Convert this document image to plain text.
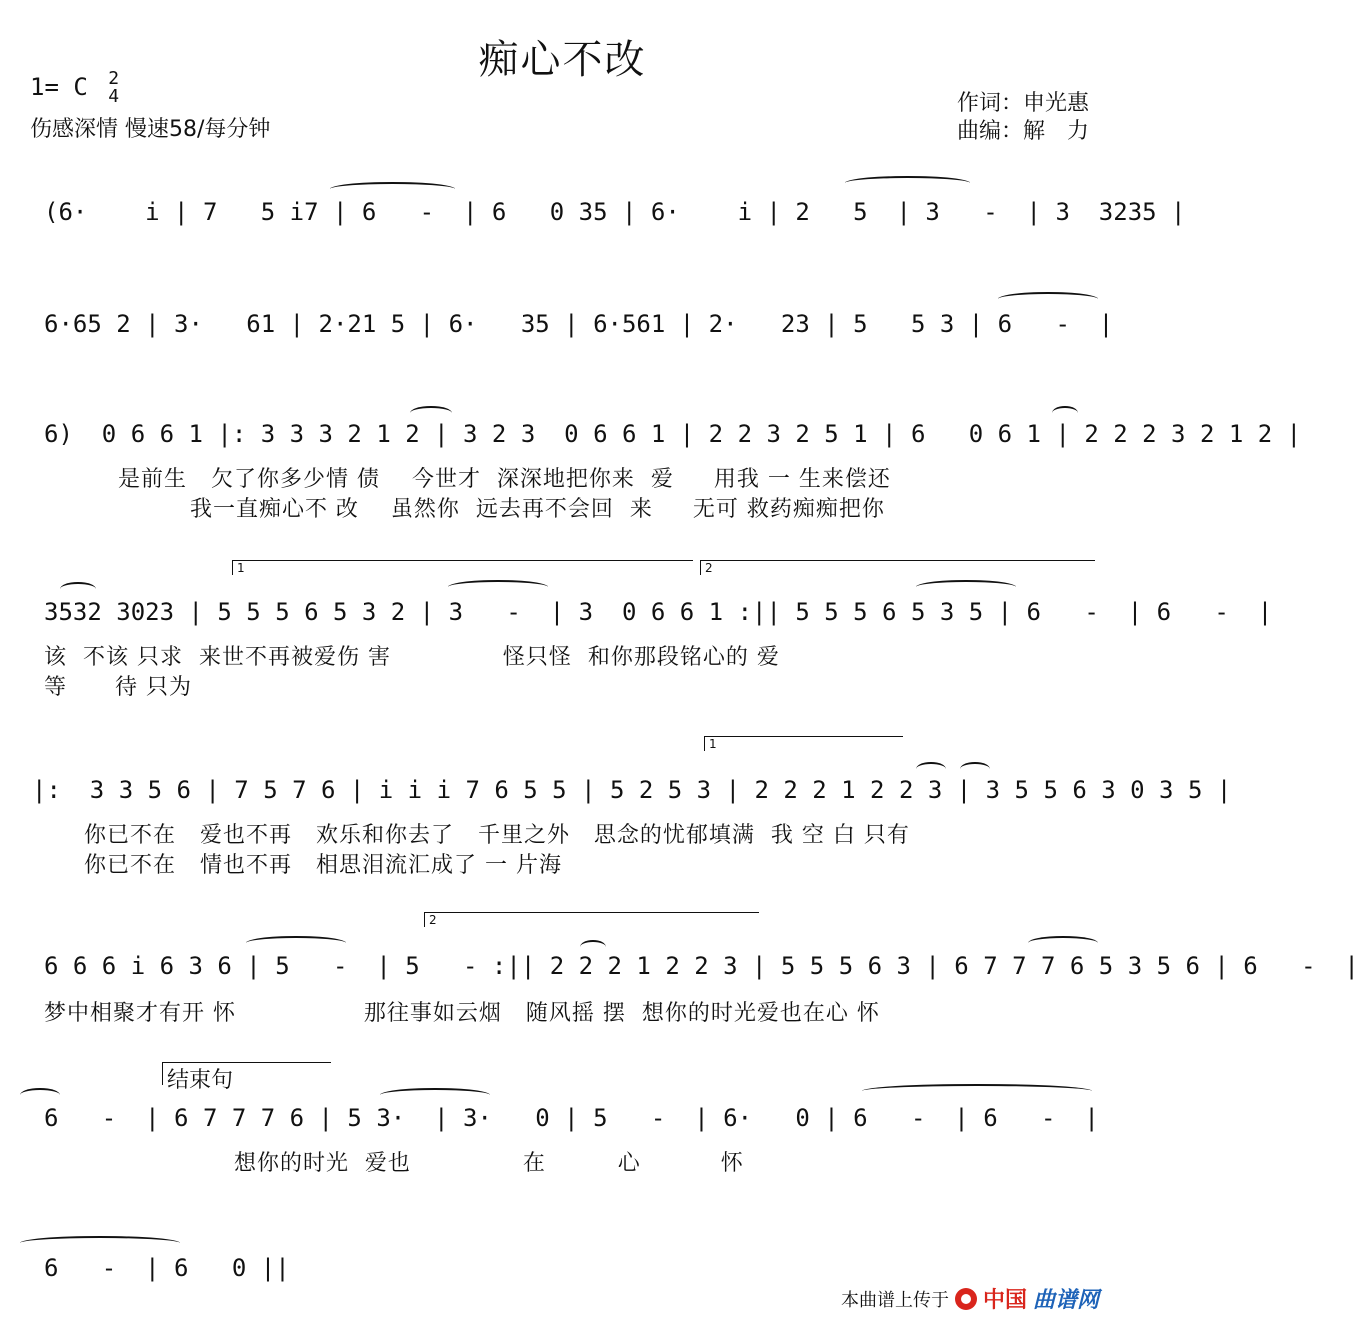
痴心不改
1= C 2
4
伤感深情 慢速58/每分钟
作词：申光惠
曲编：解　力
(6·    i | 7   5 i7 | 6   -  | 6   0 35 | 6·    i | 2   5  | 3   -  | 3  3235 |
6·65 2 | 3·   61 | 2·21 5 | 6·   35 | 6·561 | 2·   23 | 5   5 3 | 6   -  |
6)  0 6 6 1 |: 3 3 3 2 1 2 | 3 2 3  0 6 6 1 | 2 2 3 2 5 1 | 6   0 6 1 | 2 2 2 3 2 1 2 |
是前生   欠了你多少情 债    今世才  深深地把你来  爱     用我 一 生来偿还
我一直痴心不 改    虽然你  远去再不会回  来     无可 救药痴痴把你
1	2
3532 3023 | 5 5 5 6 5 3 2 | 3   -  | 3  0 6 6 1 :|| 5 5 5 6 5 3 5 | 6   -  | 6   -  |
该  不该 只求  来世不再被爱伤 害              怪只怪  和你那段铭心的 爱
等      待 只为
1
|:  3 3 5 6 | 7 5 7 6 | i i i 7 6 5 5 | 5 2 5 3 | 2 2 2 1 2 2 3 | 3 5 5 6 3 0 3 5 |
你已不在   爱也不再   欢乐和你去了   千里之外   思念的忧郁填满  我 空 白 只有
你已不在   情也不再   相思泪流汇成了 一 片海
2
6 6 6 i 6 3 6 | 5   -  | 5   - :|| 2 2 2 1 2 2 3 | 5 5 5 6 3 | 6 7 7 7 6 5 3 5 6 | 6   -  |
梦中相聚才有开 怀                那往事如云烟   随风摇 摆  想你的时光爱也在心 怀
结束句
6   -  | 6 7 7 7 6 | 5 3·  | 3·   0 | 5   -  | 6·   0 | 6   -  | 6   -  |
想你的时光  爱也              在         心          怀
6   -  | 6   0 ||
本曲谱上传于 中国 曲谱网
